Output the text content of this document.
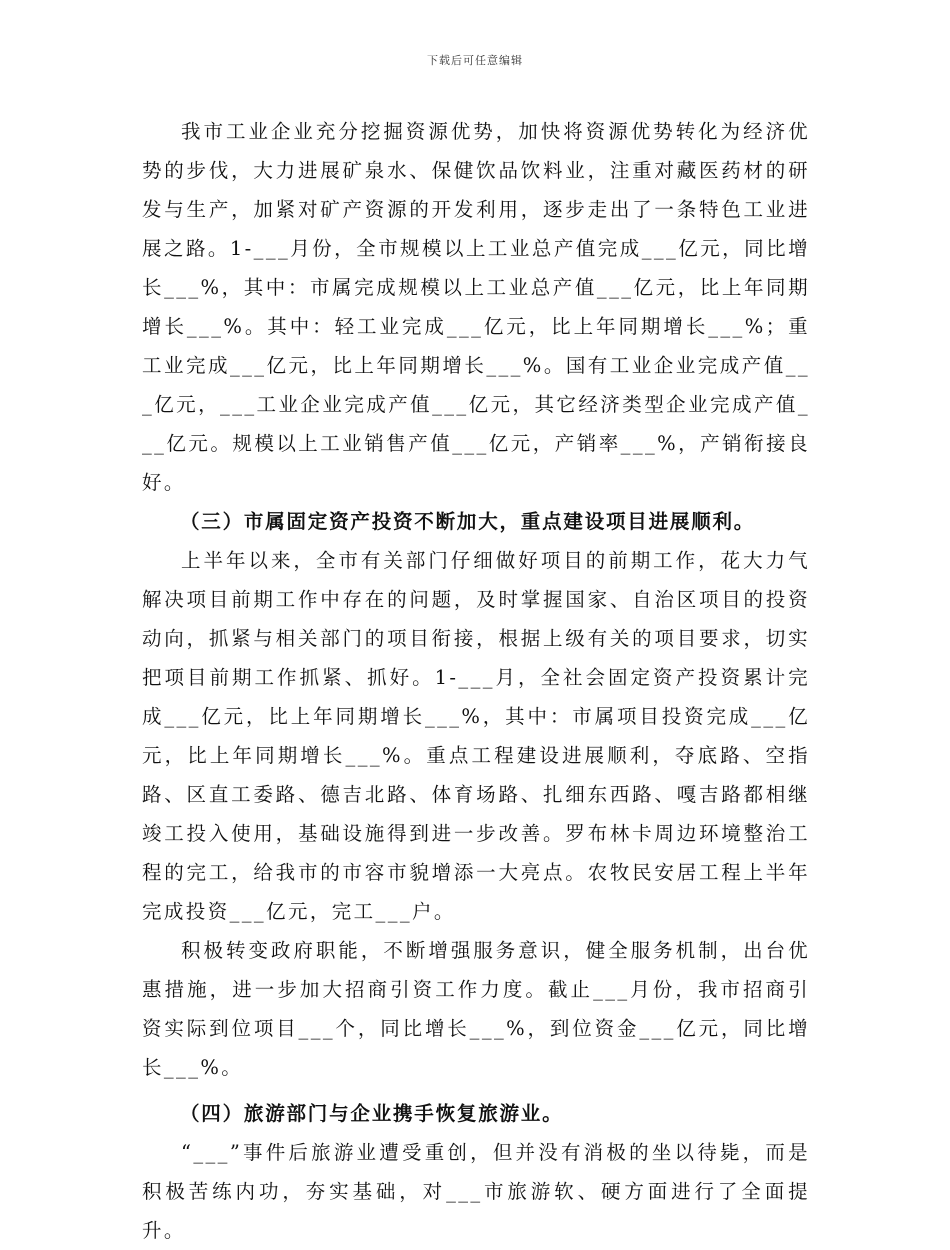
下载后可任意编辑

我市工业企业充分挖掘资源优势，加快将资源优势转化为经济优势的步伐，大力进展矿泉水、保健饮品饮料业，注重对藏医药材的研发与生产，加紧对矿产资源的开发利用，逐步走出了一条特色工业进展之路。1-___月份，全市规模以上工业总产值完成___亿元，同比增长___%，其中：市属完成规模以上工业总产值___亿元，比上年同期增长___%。其中：轻工业完成___亿元，比上年同期增长___%；重工业完成___亿元，比上年同期增长___%。国有工业企业完成产值___亿元，___工业企业完成产值___亿元，其它经济类型企业完成产值___亿元。规模以上工业销售产值___亿元，产销率___%，产销衔接良好。

（三）市属固定资产投资不断加大，重点建设项目进展顺利。

上半年以来，全市有关部门仔细做好项目的前期工作，花大力气解决项目前期工作中存在的问题，及时掌握国家、自治区项目的投资动向，抓紧与相关部门的项目衔接，根据上级有关的项目要求，切实把项目前期工作抓紧、抓好。1-___月，全社会固定资产投资累计完成___亿元，比上年同期增长___%，其中：市属项目投资完成___亿元，比上年同期增长___%。重点工程建设进展顺利，夺底路、空指路、区直工委路、德吉北路、体育场路、扎细东西路、嘎吉路都相继竣工投入使用，基础设施得到进一步改善。罗布林卡周边环境整治工程的完工，给我市的市容市貌增添一大亮点。农牧民安居工程上半年完成投资___亿元，完工___户。

积极转变政府职能，不断增强服务意识，健全服务机制，出台优惠措施，进一步加大招商引资工作力度。截止___月份，我市招商引资实际到位项目___个，同比增长___%，到位资金___亿元，同比增长___%。

（四）旅游部门与企业携手恢复旅游业。

“___”事件后旅游业遭受重创，但并没有消极的坐以待毙，而是积极苦练内功，夯实基础，对___市旅游软、硬方面进行了全面提升。
